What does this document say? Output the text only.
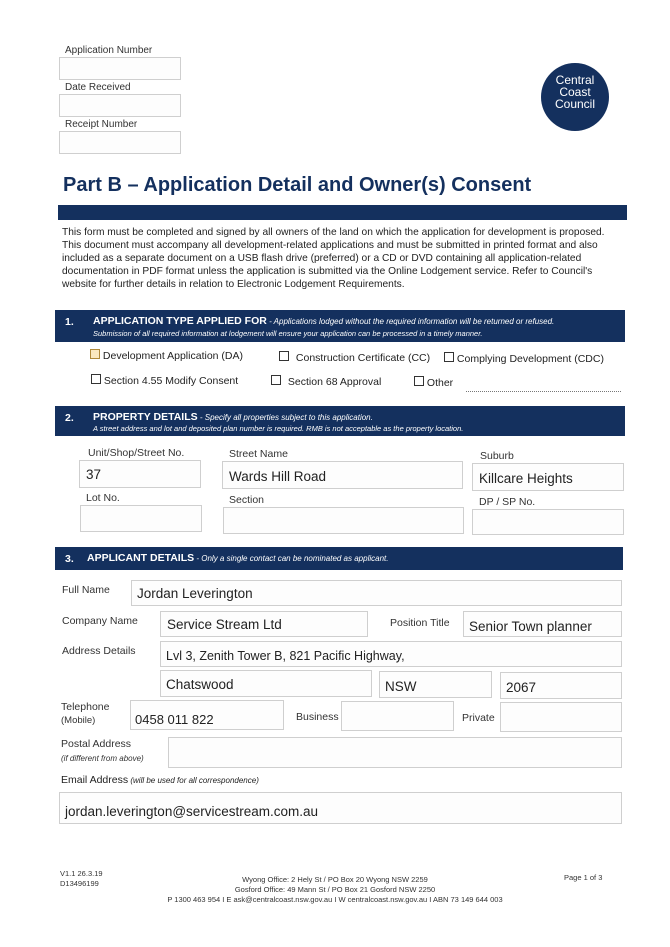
Application Number
Date Received
Receipt Number
Central
Coast
Council
Part B – Application Detail and Owner(s) Consent
This form must be completed and signed by all owners of the land on which the application for development is proposed. This document must accompany all development-related applications and must be submitted in printed format and also included as a separate document on a USB flash drive (preferred) or a CD or DVD containing all application-related documentation in PDF format unless the application is submitted via the Online Lodgement service. Refer to Council's website for further details in relation to Electronic Lodgement Requirements.
1. APPLICATION TYPE APPLIED FOR - Applications lodged without the required information will be returned or refused.
Submission of all required information at lodgement will ensure your application can be processed in a timely manner.
Development Application (DA)	Construction Certificate (CC)	Complying Development (CDC)
Section 4.55 Modify Consent	Section 68 Approval	Other
2. PROPERTY DETAILS - Specify all properties subject to this application.
A street address and lot and deposited plan number is required. RMB is not acceptable as the property location.
Unit/Shop/Street No.
37
Street Name
Wards Hill Road
Suburb
Killcare Heights
Lot No.	Section	DP / SP No.
3. APPLICANT DETAILS - Only a single contact can be nominated as applicant.
Full Name Jordan Leverington
Company Name Service Stream Ltd	Position Title Senior Town planner
Address Details Lvl 3, Zenith Tower B, 821 Pacific Highway,
Chatswood	NSW	2067
Telephone
(Mobile)	0458 011 822	Business	Private
Postal Address
(if different from above)
Email Address (will be used for all correspondence)
jordan.leverington@servicestream.com.au
V1.1 26.3.19
D13496199	Wyong Office: 2 Hely St / PO Box 20 Wyong NSW 2259
Gosford Office: 49 Mann St / PO Box 21 Gosford NSW 2250
P 1300 463 954 I E ask@centralcoast.nsw.gov.au I W centralcoast.nsw.gov.au I ABN 73 149 644 003
Page 1 of 3
